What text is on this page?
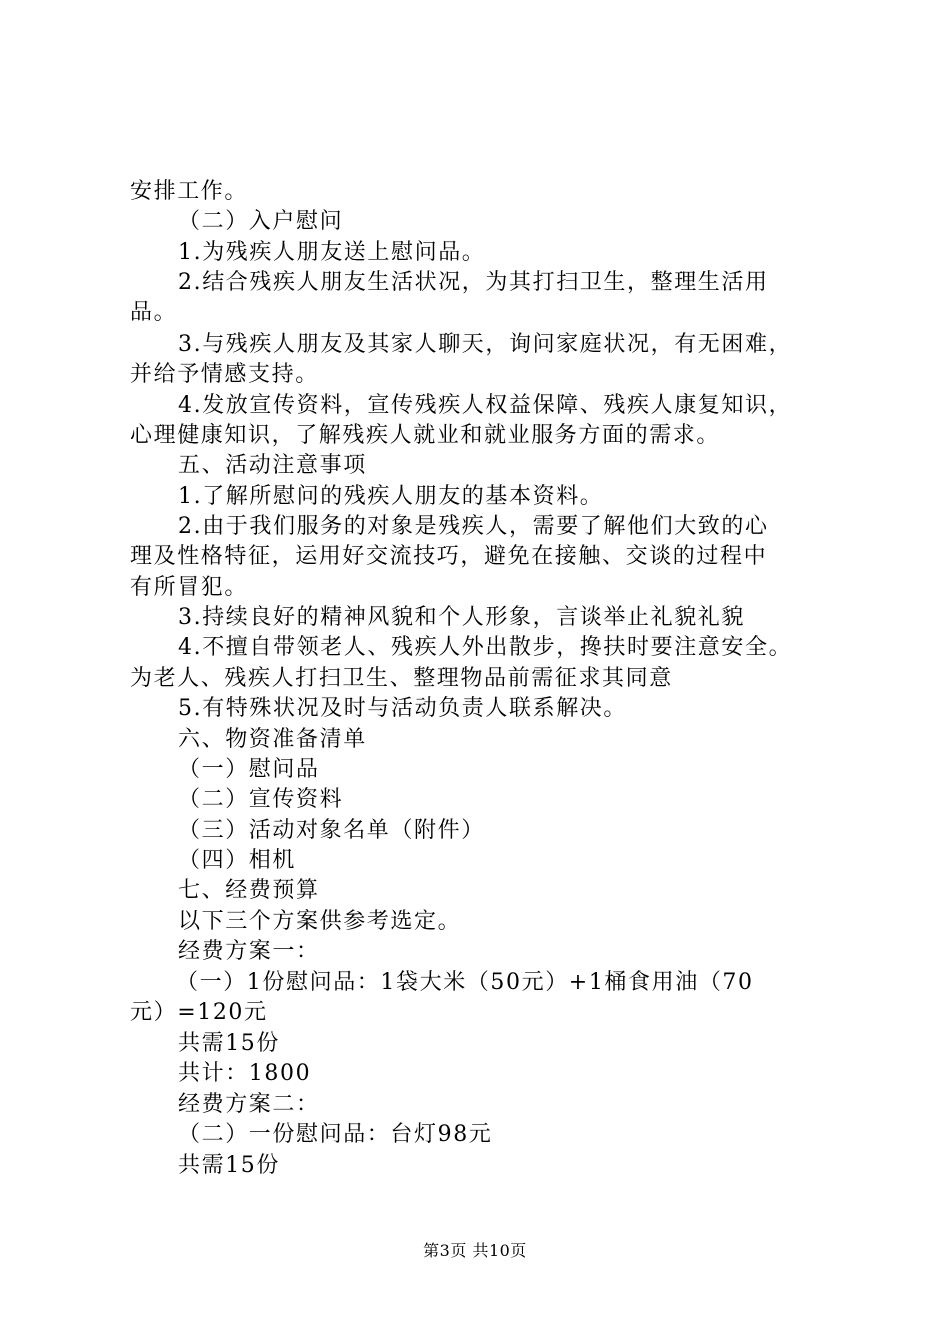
安排工作。
（二）入户慰问
1.为残疾人朋友送上慰问品。
2.结合残疾人朋友生活状况，为其打扫卫生，整理生活用
品。
3.与残疾人朋友及其家人聊天，询问家庭状况，有无困难，
并给予情感支持。
4.发放宣传资料，宣传残疾人权益保障、残疾人康复知识，
心理健康知识，了解残疾人就业和就业服务方面的需求。
五、活动注意事项
1.了解所慰问的残疾人朋友的基本资料。
2.由于我们服务的对象是残疾人，需要了解他们大致的心
理及性格特征，运用好交流技巧，避免在接触、交谈的过程中
有所冒犯。
3.持续良好的精神风貌和个人形象，言谈举止礼貌礼貌
4.不擅自带领老人、残疾人外出散步，搀扶时要注意安全。
为老人、残疾人打扫卫生、整理物品前需征求其同意
5.有特殊状况及时与活动负责人联系解决。
六、物资准备清单
（一）慰问品
（二）宣传资料
（三）活动对象名单（附件）
（四）相机
七、经费预算
以下三个方案供参考选定。
经费方案一：
（一）1份慰问品：1袋大米（50元）+1桶食用油（70
元）=120元
共需15份
共计：1800
经费方案二：
（二）一份慰问品：台灯98元
共需15份
第3页 共10页
